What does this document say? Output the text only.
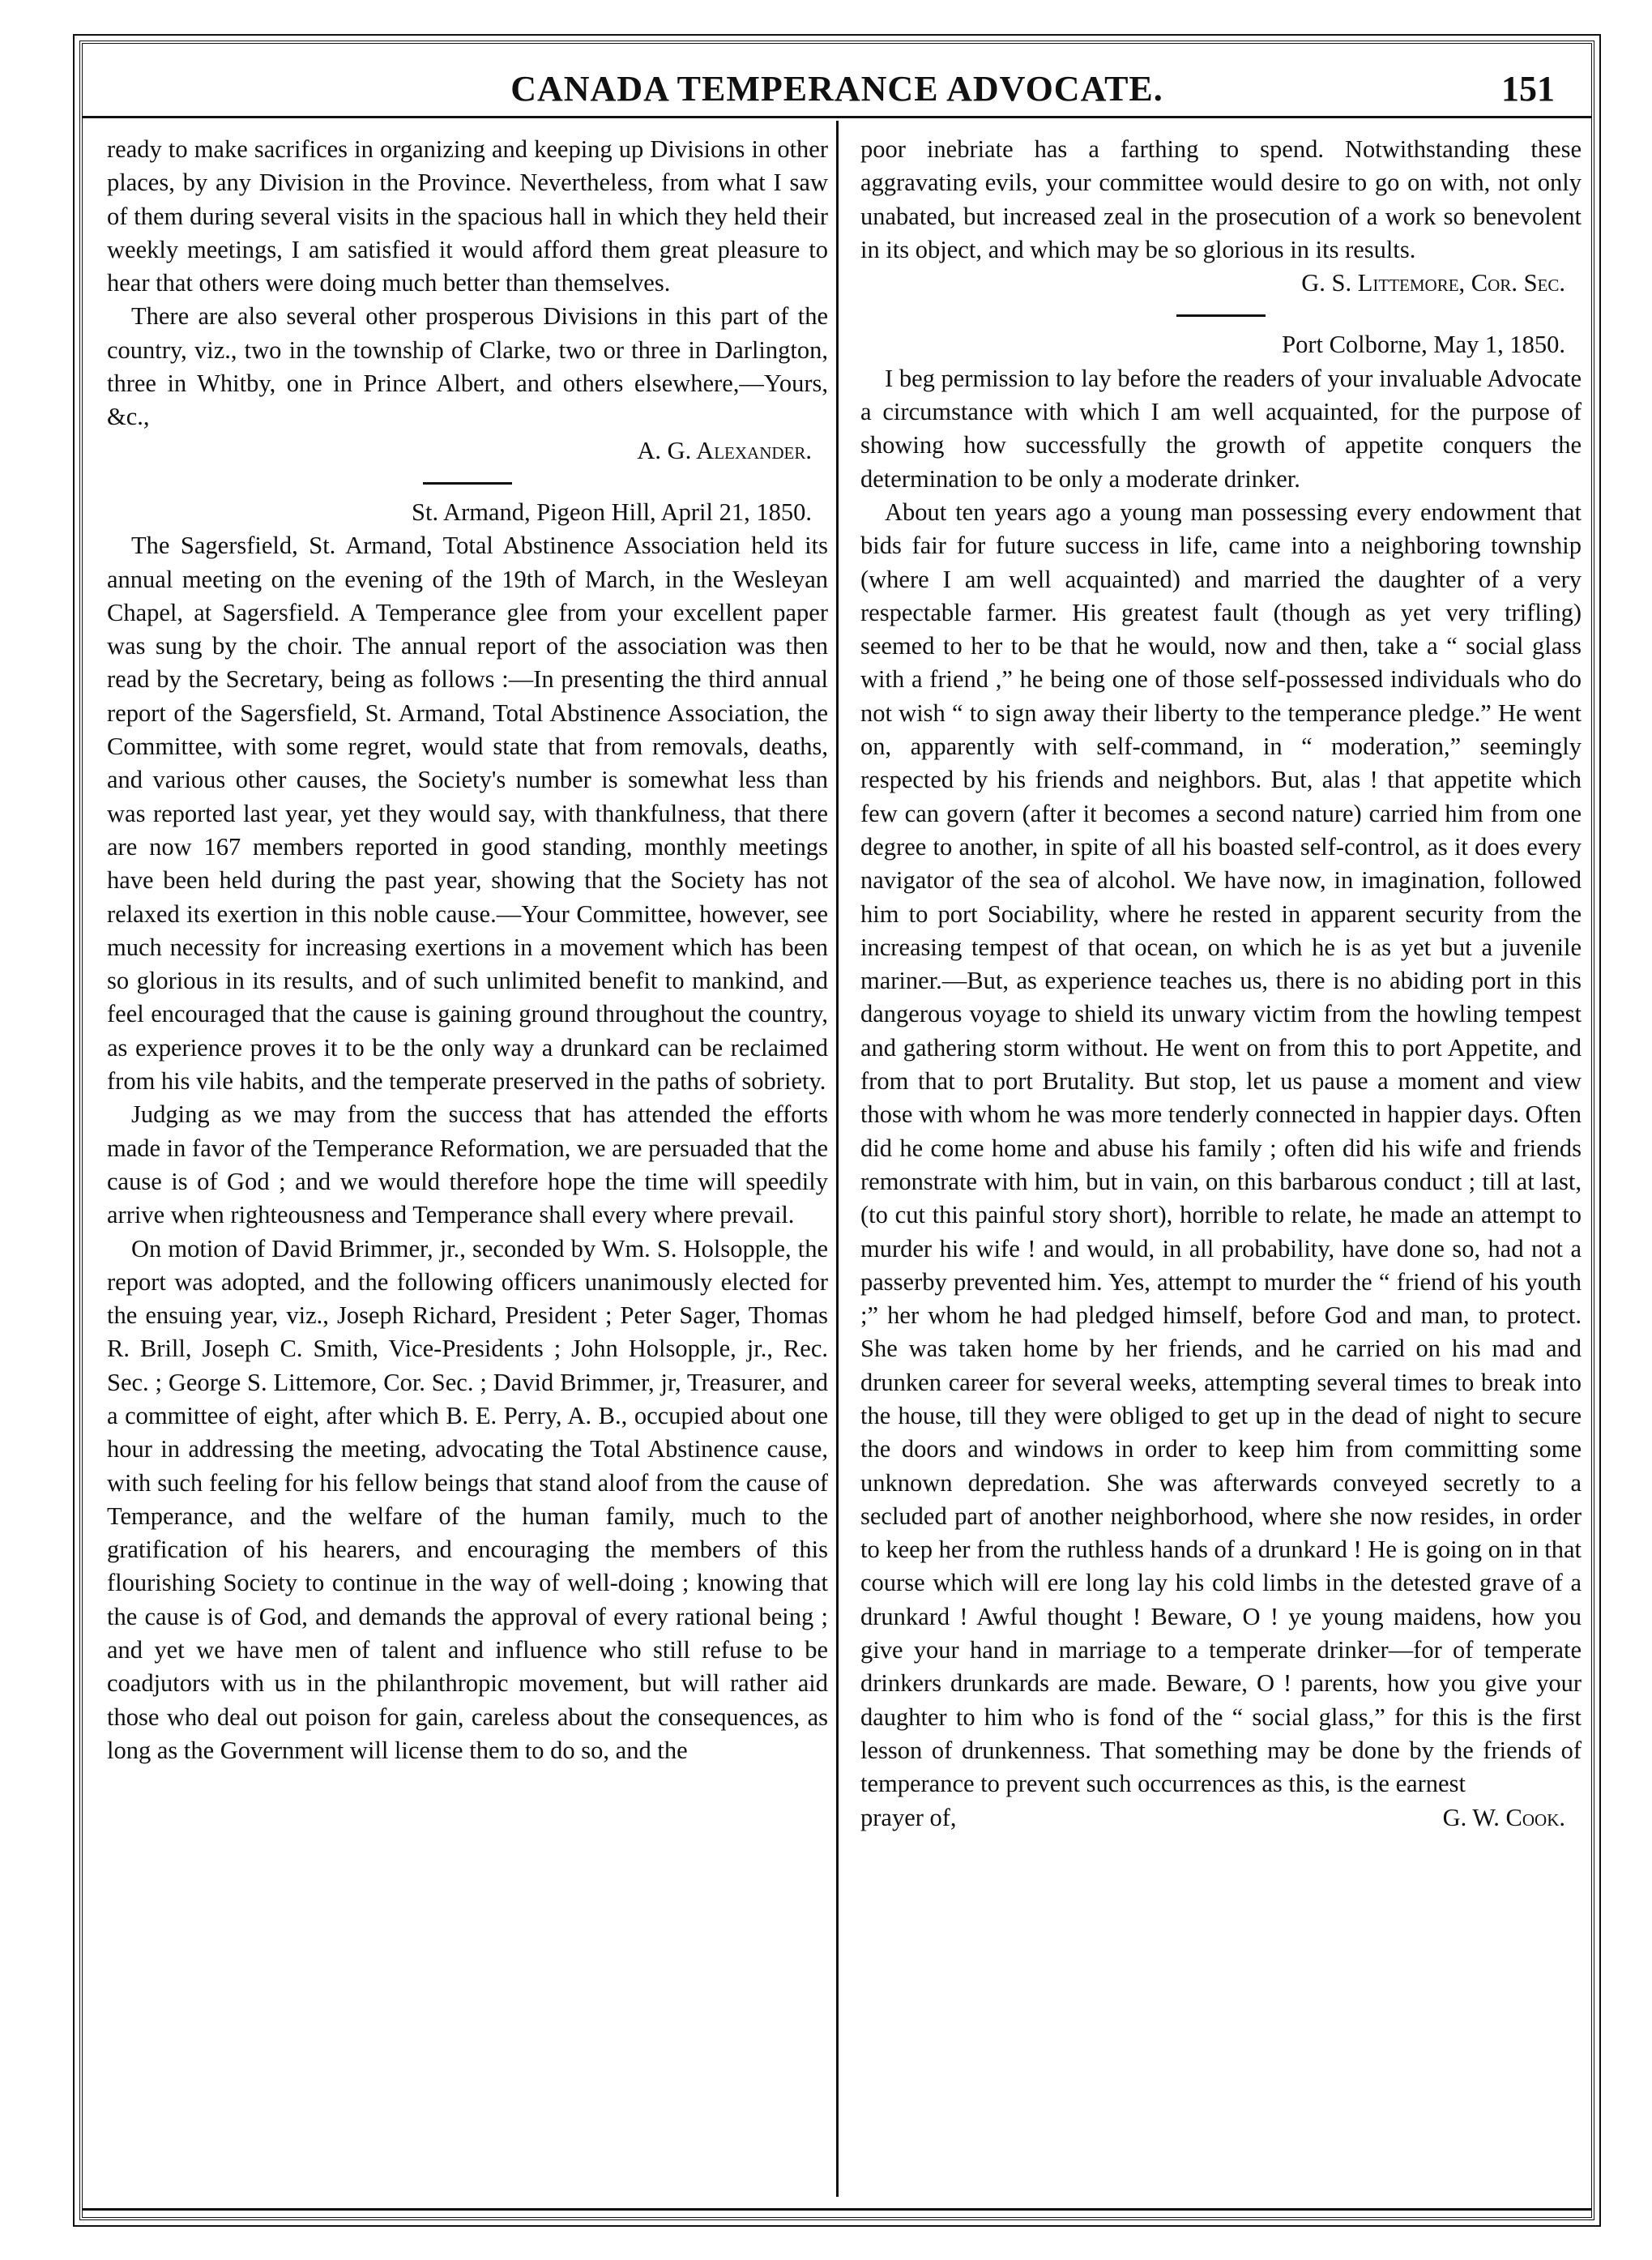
CANADA TEMPERANCE ADVOCATE.	151

ready to make sacrifices in organizing and keeping up Divisions in other places, by any Division in the Province. Nevertheless, from what I saw of them during several visits in the spacious hall in which they held their weekly meetings, I am satisfied it would afford them great pleasure to hear that others were doing much better than themselves.

There are also several other prosperous Divisions in this part of the country, viz., two in the township of Clarke, two or three in Darlington, three in Whitby, one in Prince Albert, and others elsewhere,—Yours, &c.,

A. G. Alexander.

St. Armand, Pigeon Hill, April 21, 1850.

The Sagersfield, St. Armand, Total Abstinence Association held its annual meeting on the evening of the 19th of March, in the Wesleyan Chapel, at Sagersfield. A Temperance glee from your excellent paper was sung by the choir. The annual report of the association was then read by the Secretary, being as follows :—In presenting the third annual report of the Sagersfield, St. Armand, Total Abstinence Association, the Committee, with some regret, would state that from removals, deaths, and various other causes, the Society's number is somewhat less than was reported last year, yet they would say, with thankfulness, that there are now 167 members reported in good standing, monthly meetings have been held during the past year, showing that the Society has not relaxed its exertion in this noble cause.—Your Committee, however, see much necessity for increasing exertions in a movement which has been so glorious in its results, and of such unlimited benefit to mankind, and feel encouraged that the cause is gaining ground throughout the country, as experience proves it to be the only way a drunkard can be reclaimed from his vile habits, and the temperate preserved in the paths of sobriety.

Judging as we may from the success that has attended the efforts made in favor of the Temperance Reformation, we are persuaded that the cause is of God ; and we would therefore hope the time will speedily arrive when righteousness and Temperance shall every where prevail.

On motion of David Brimmer, jr., seconded by Wm. S. Holsopple, the report was adopted, and the following officers unanimously elected for the ensuing year, viz., Joseph Richard, President ; Peter Sager, Thomas R. Brill, Joseph C. Smith, Vice-Presidents ; John Holsopple, jr., Rec. Sec. ; George S. Littemore, Cor. Sec. ; David Brimmer, jr, Treasurer, and a committee of eight, after which B. E. Perry, A. B., occupied about one hour in addressing the meeting, advocating the Total Abstinence cause, with such feeling for his fellow beings that stand aloof from the cause of Temperance, and the welfare of the human family, much to the gratification of his hearers, and encouraging the members of this flourishing Society to continue in the way of well-doing ; knowing that the cause is of God, and demands the approval of every rational being ; and yet we have men of talent and influence who still refuse to be coadjutors with us in the philanthropic movement, but will rather aid those who deal out poison for gain, careless about the consequences, as long as the Government will license them to do so, and the

poor inebriate has a farthing to spend. Notwithstanding these aggravating evils, your committee would desire to go on with, not only unabated, but increased zeal in the prosecution of a work so benevolent in its object, and which may be so glorious in its results.

G. S. Littemore, Cor. Sec.

Port Colborne, May 1, 1850.

I beg permission to lay before the readers of your invaluable Advocate a circumstance with which I am well acquainted, for the purpose of showing how successfully the growth of appetite conquers the determination to be only a moderate drinker.

About ten years ago a young man possessing every endowment that bids fair for future success in life, came into a neighboring township (where I am well acquainted) and married the daughter of a very respectable farmer. His greatest fault (though as yet very trifling) seemed to her to be that he would, now and then, take a “ social glass with a friend ,” he being one of those self-possessed individuals who do not wish “ to sign away their liberty to the temperance pledge.” He went on, apparently with self-command, in “ moderation,” seemingly respected by his friends and neighbors. But, alas ! that appetite which few can govern (after it becomes a second nature) carried him from one degree to another, in spite of all his boasted self-control, as it does every navigator of the sea of alcohol. We have now, in imagination, followed him to port Sociability, where he rested in apparent security from the increasing tempest of that ocean, on which he is as yet but a juvenile mariner.—But, as experience teaches us, there is no abiding port in this dangerous voyage to shield its unwary victim from the howling tempest and gathering storm without. He went on from this to port Appetite, and from that to port Brutality. But stop, let us pause a moment and view those with whom he was more tenderly connected in happier days. Often did he come home and abuse his family ; often did his wife and friends remonstrate with him, but in vain, on this barbarous conduct ; till at last, (to cut this painful story short), horrible to relate, he made an attempt to murder his wife ! and would, in all probability, have done so, had not a passerby prevented him. Yes, attempt to murder the “ friend of his youth ;” her whom he had pledged himself, before God and man, to protect. She was taken home by her friends, and he carried on his mad and drunken career for several weeks, attempting several times to break into the house, till they were obliged to get up in the dead of night to secure the doors and windows in order to keep him from committing some unknown depredation. She was afterwards conveyed secretly to a secluded part of another neighborhood, where she now resides, in order to keep her from the ruthless hands of a drunkard ! He is going on in that course which will ere long lay his cold limbs in the detested grave of a drunkard ! Awful thought ! Beware, O ! ye young maidens, how you give your hand in marriage to a temperate drinker—for of temperate drinkers drunkards are made. Beware, O ! parents, how you give your daughter to him who is fond of the “ social glass,” for this is the first lesson of drunkenness. That something may be done by the friends of temperance to prevent such occurrences as this, is the earnest

prayer of,	G. W. Cook.
